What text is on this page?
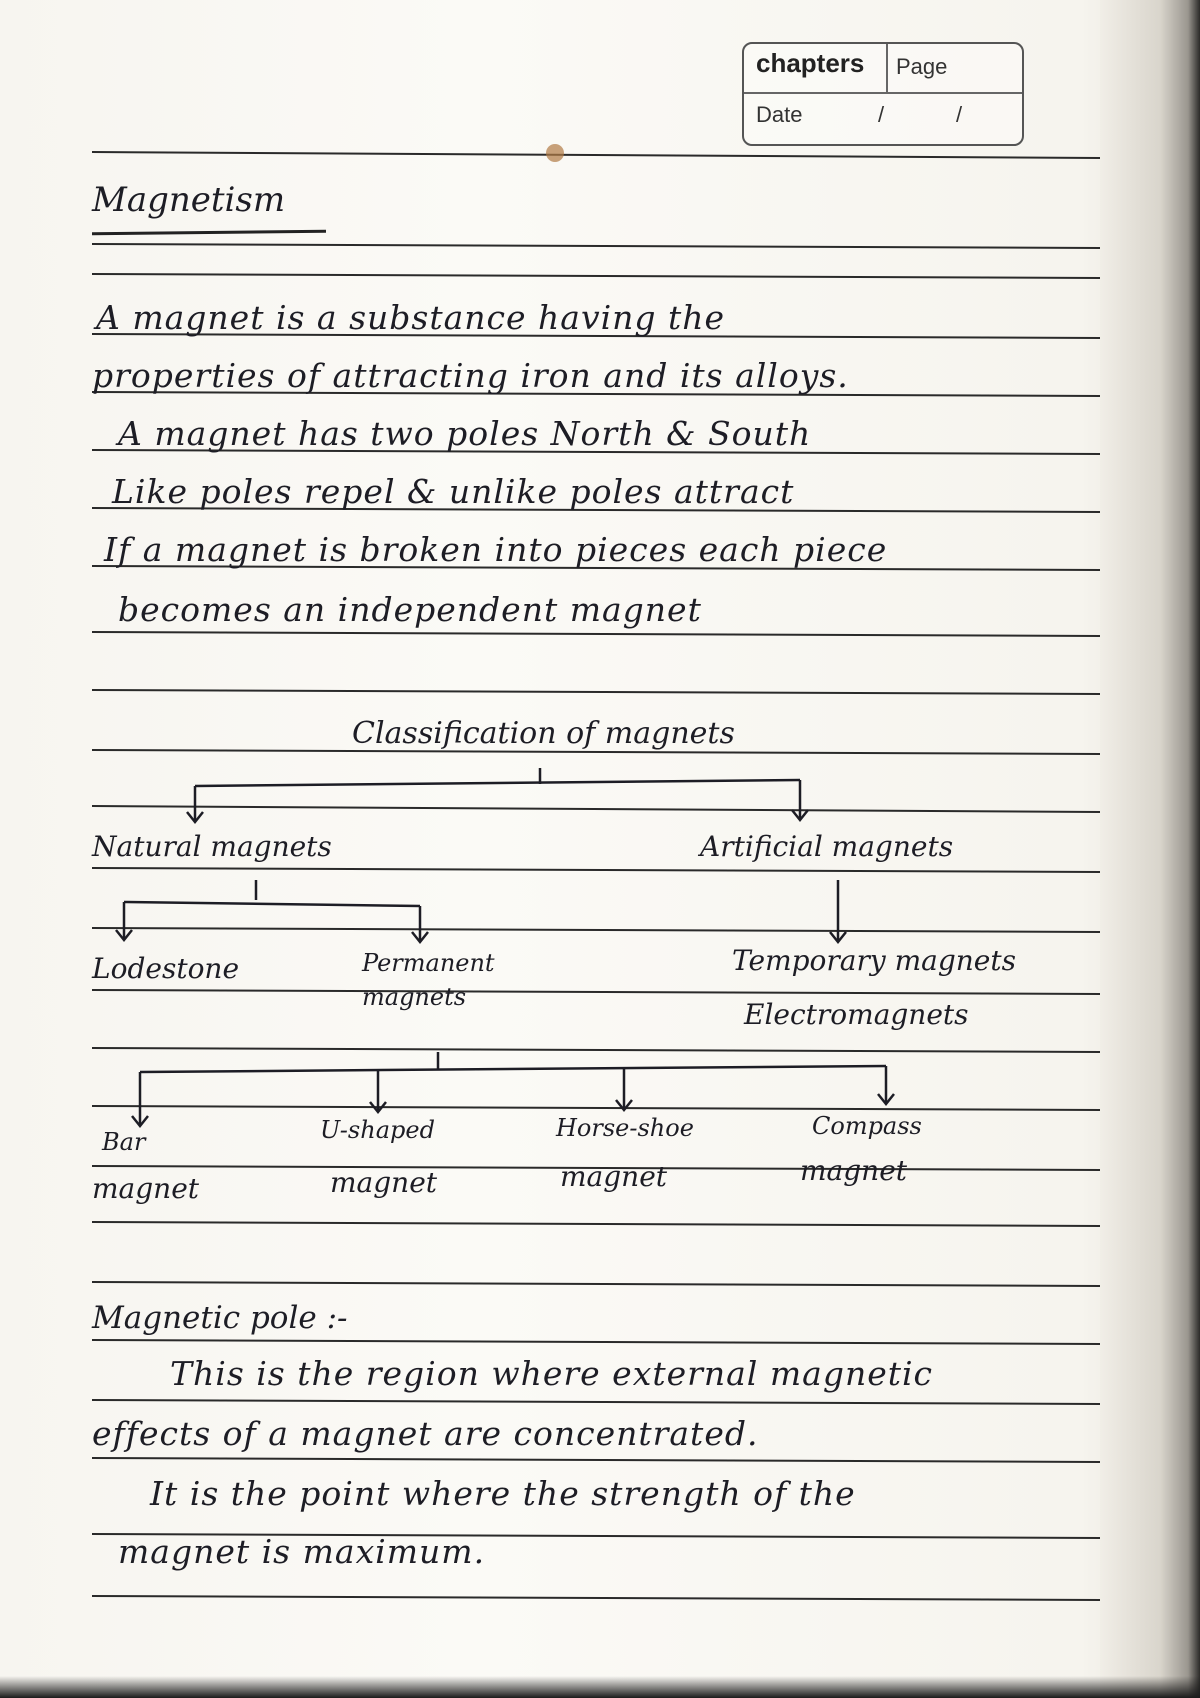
chapters Page
Date	/	/
Magnetism
A magnet is a substance having the
properties of attracting iron and its alloys.
A magnet has two poles North & South
Like poles repel & unlike poles attract
If a magnet is broken into pieces each piece
becomes an independent magnet
Classification of magnets
Natural magnets	Artificial magnets
Lodestone	Permanent magnets
Temporary magnets
Electromagnets
Bar
magnet
U-shaped
magnet
Horse-shoe
magnet
Compass
magnet
Magnetic pole :-
This is the region where external magnetic
effects of a magnet are concentrated.
It is the point where the strength of the
magnet is maximum.
